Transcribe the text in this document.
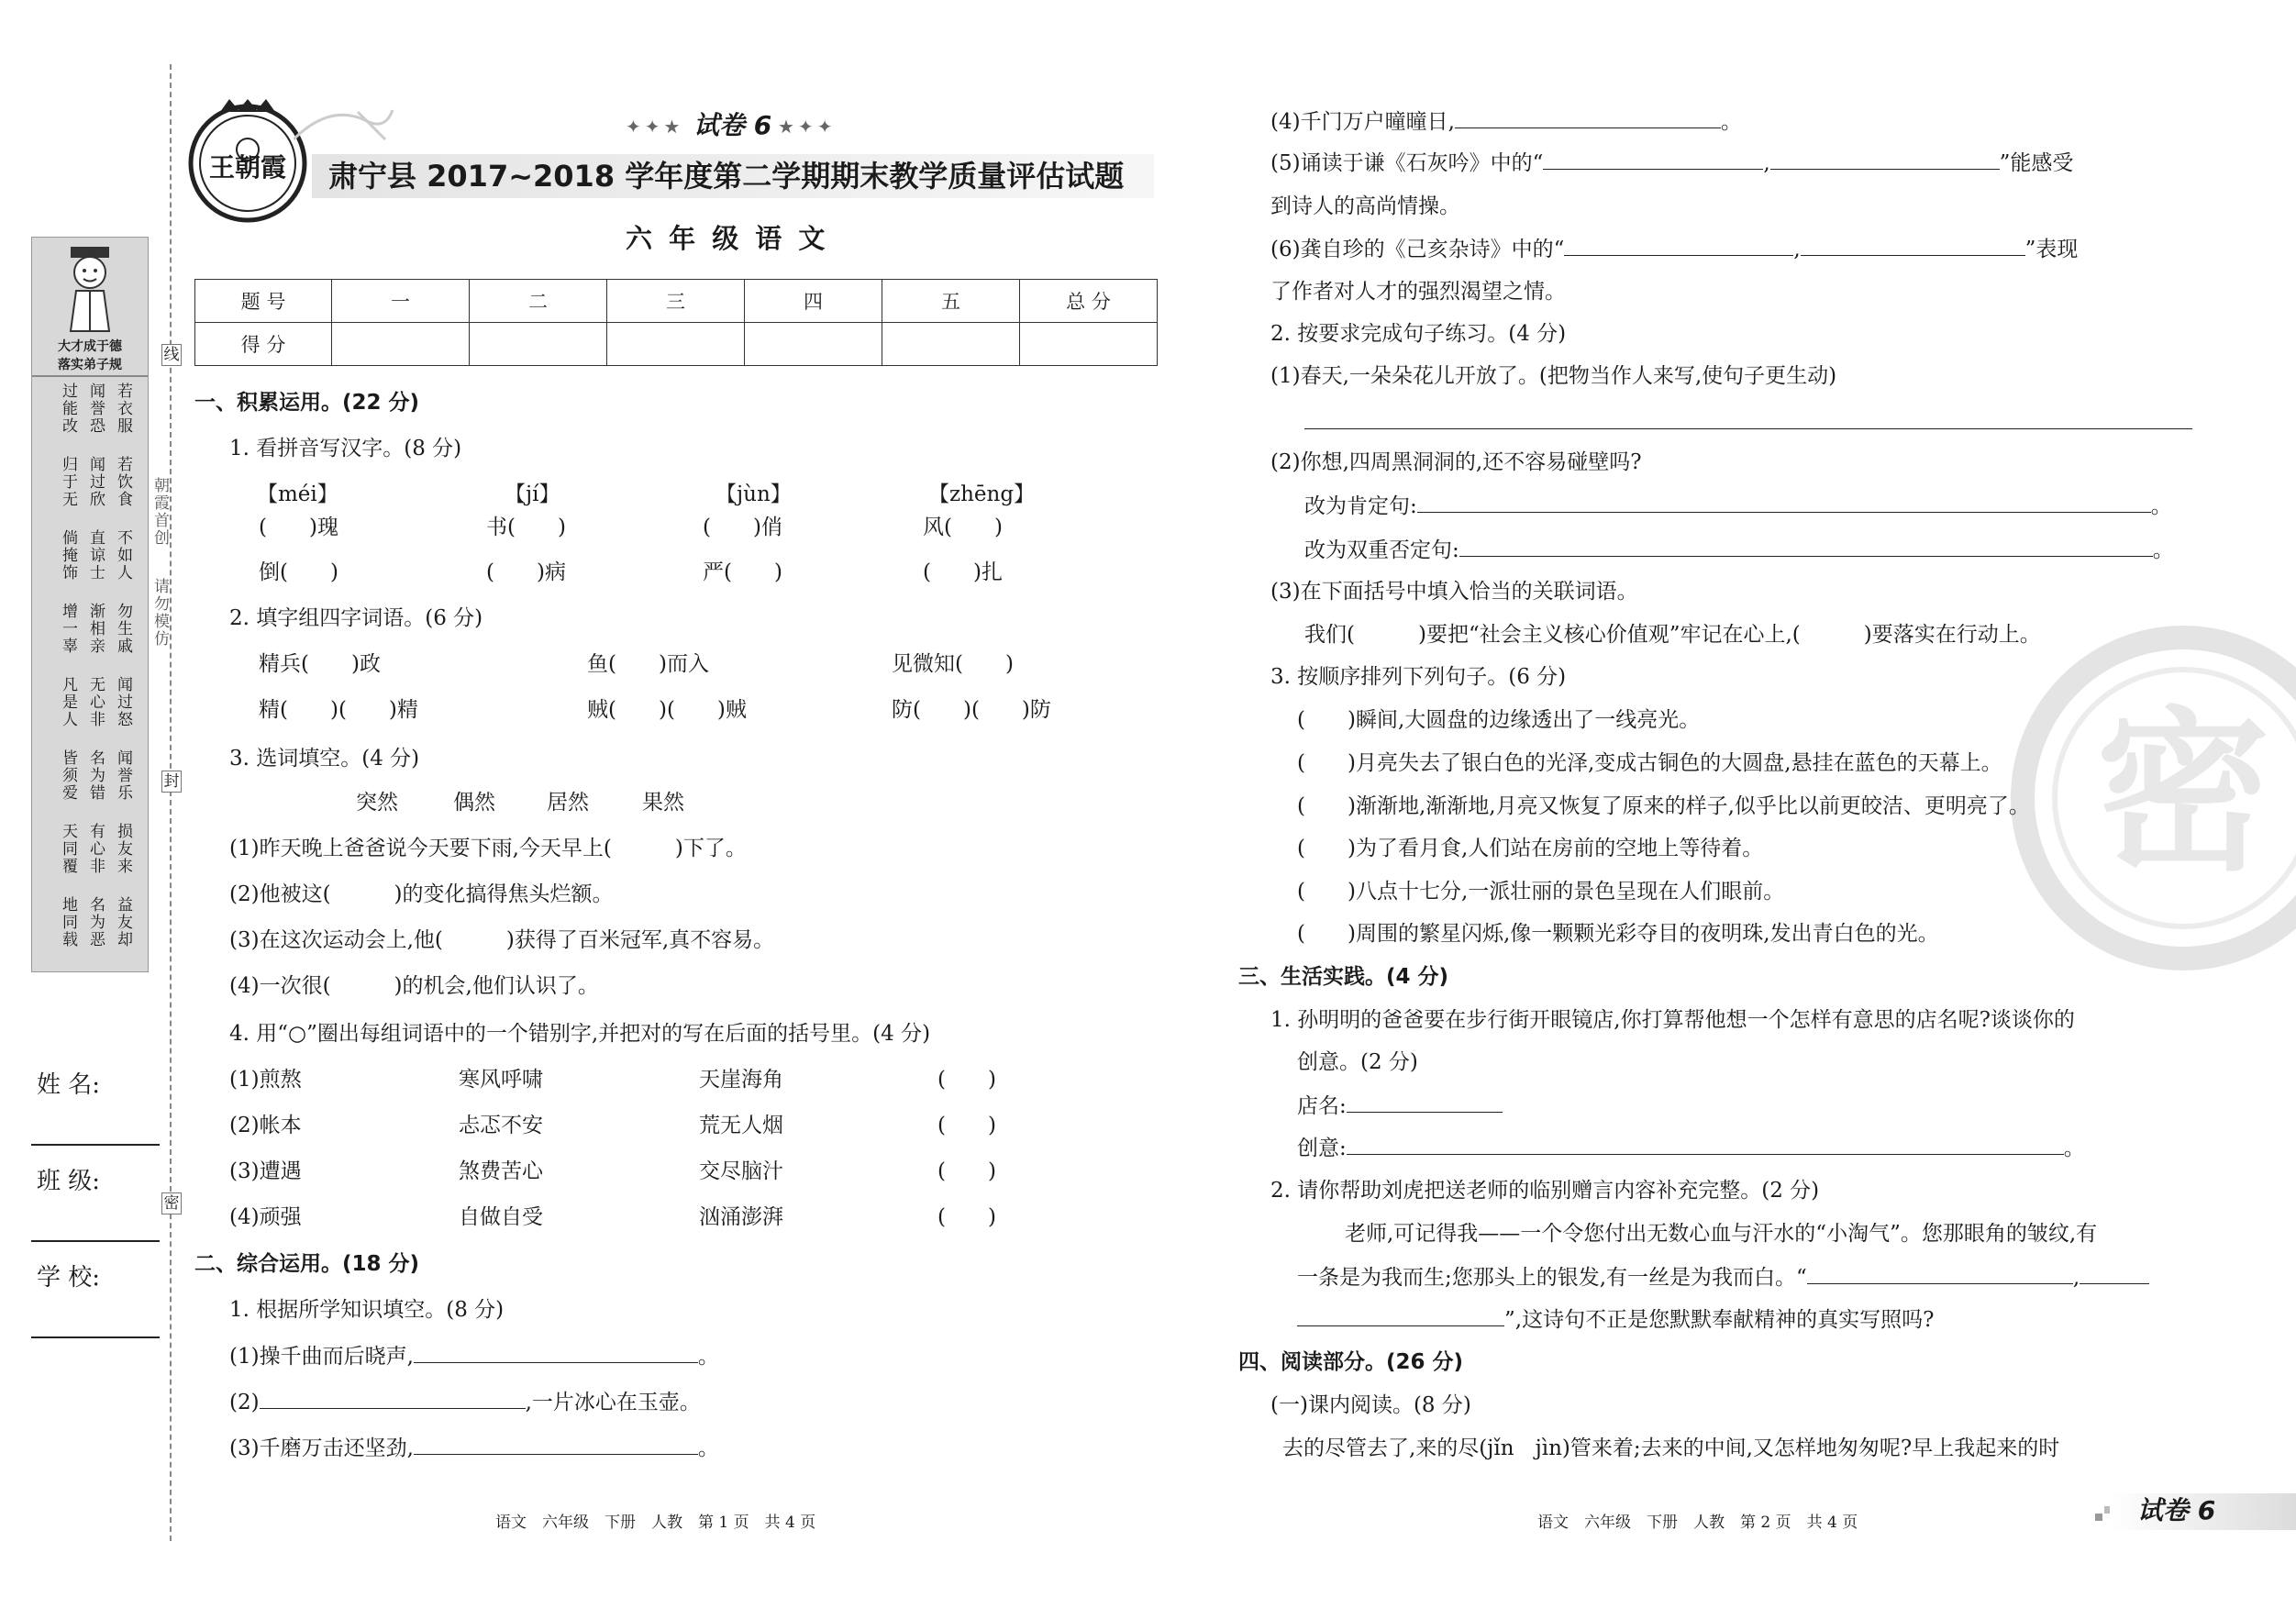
线
封
密
朝霞首创
请勿模仿
大才成于德
落实弟子规
若衣服
闻誉恐
过能改
若饮食
闻过欣
归于无
不如人
直谅士
倘掩饰
勿生戚
渐相亲
增一辜
闻过怒
无心非
凡是人
闻誉乐
名为错
皆须爱
损友来
有心非
天同覆
益友却
名为恶
地同载
姓 名:
班 级:
学 校:
王朝霞
✦✦★ 试卷 6 ★✦✦
肃宁县 2017~2018 学年度第二学期期末教学质量评估试题
六 年 级 语 文
题 号	一	二	三	四	五	总 分
得 分						
一、积累运用。(22 分)
1. 看拼音写汉字。(8 分)
【méi】	【jí】	【jùn】	【zhēng】
(　　)瑰	书(　　)	(　　)俏	风(　　)
倒(　　)	(　　)病	严(　　)	(　　)扎
2. 填字组四字词语。(6 分)
精兵(　　)政	鱼(　　)而入	见微知(　　)
精(　　)(　　)精	贼(　　)(　　)贼	防(　　)(　　)防
3. 选词填空。(4 分)
突然	偶然 居然	果然
(1)昨天晚上爸爸说今天要下雨,今天早上(　　　)下了。
(2)他被这(　　　)的变化搞得焦头烂额。
(3)在这次运动会上,他(　　　)获得了百米冠军,真不容易。
(4)一次很(　　　)的机会,他们认识了。
4. 用“○”圈出每组词语中的一个错别字,并把对的写在后面的括号里。(4 分)
(1)煎熬	寒风呼啸	天崖海角	(　　)
(2)帐本	忐忑不安	荒无人烟	(　　)
(3)遭遇	煞费苦心	交尽脑汁	(　　)
(4)顽强	自做自受	汹涌澎湃	(　　)
二、综合运用。(18 分)
1. 根据所学知识填空。(8 分)
(1)操千曲而后晓声,	。
(2)	,一片冰心在玉壶。
(3)千磨万击还坚劲,	。
语文　六年级　下册　人教　第 1 页　共 4 页
密
(4)千门万户曈曈日,	。
(5)诵读于谦《石灰吟》中的“	,	”能感受
到诗人的高尚情操。
(6)龚自珍的《己亥杂诗》中的“	,	”表现
了作者对人才的强烈渴望之情。
2. 按要求完成句子练习。(4 分)
(1)春天,一朵朵花儿开放了。(把物当作人来写,使句子更生动)
(2)你想,四周黑洞洞的,还不容易碰壁吗?
改为肯定句:	。
改为双重否定句:	。
(3)在下面括号中填入恰当的关联词语。
我们(　　　)要把“社会主义核心价值观”牢记在心上,(　　　)要落实在行动上。
3. 按顺序排列下列句子。(6 分)
(　　)瞬间,大圆盘的边缘透出了一线亮光。
(　　)月亮失去了银白色的光泽,变成古铜色的大圆盘,悬挂在蓝色的天幕上。
(　　)渐渐地,渐渐地,月亮又恢复了原来的样子,似乎比以前更皎洁、更明亮了。
(　　)为了看月食,人们站在房前的空地上等待着。
(　　)八点十七分,一派壮丽的景色呈现在人们眼前。
(　　)周围的繁星闪烁,像一颗颗光彩夺目的夜明珠,发出青白色的光。
三、生活实践。(4 分)
1. 孙明明的爸爸要在步行街开眼镜店,你打算帮他想一个怎样有意思的店名呢?谈谈你的
创意。(2 分)
店名:
创意:	。
2. 请你帮助刘虎把送老师的临别赠言内容补充完整。(2 分)
老师,可记得我——一个令您付出无数心血与汗水的“小淘气”。您那眼角的皱纹,有
一条是为我而生;您那头上的银发,有一丝是为我而白。“	,
”,这诗句不正是您默默奉献精神的真实写照吗?
四、阅读部分。(26 分)
(一)课内阅读。(8 分)
去的尽管去了,来的尽(jǐn　jìn)管来着;去来的中间,又怎样地匆匆呢?早上我起来的时
语文　六年级　下册　人教　第 2 页　共 4 页	试卷 6
